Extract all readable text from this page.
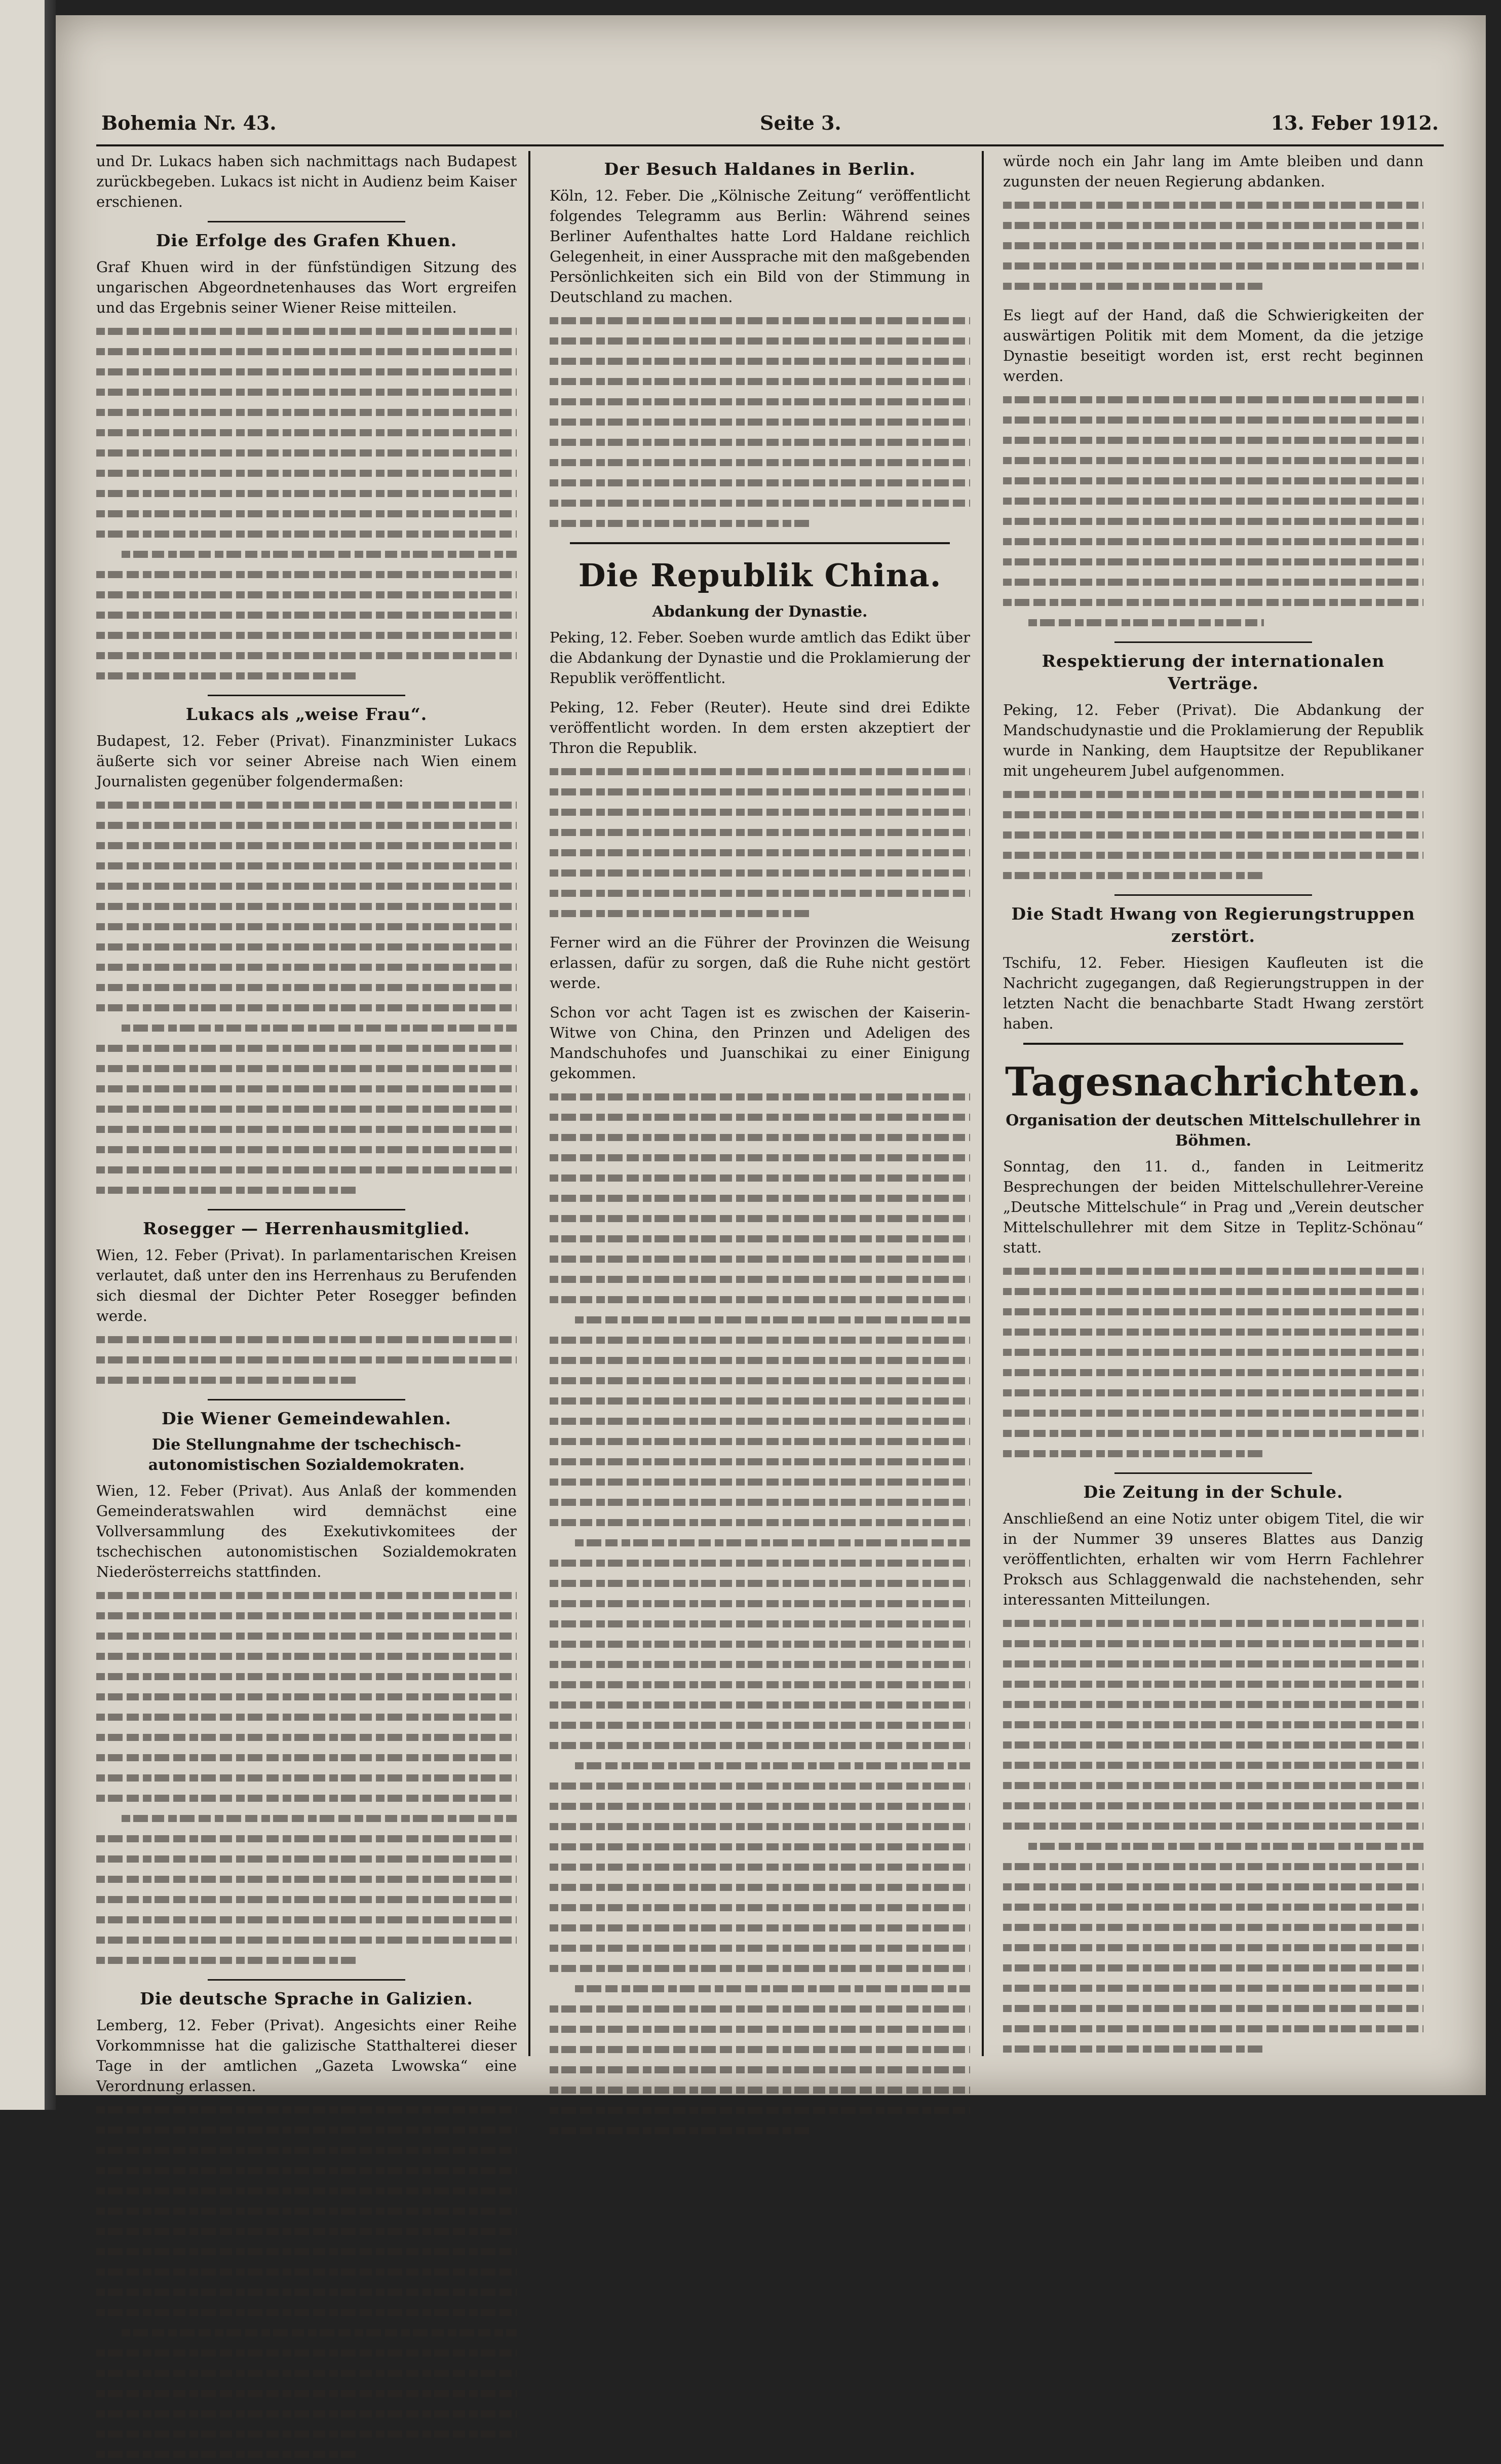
Bohemia Nr. 43.	Seite 3.	13. Feber 1912.

und Dr. Lukacs haben sich nachmittags nach Budapest zurückbegeben. Lukacs ist nicht in Audienz beim Kaiser erschienen.

Die Erfolge des Grafen Khuen.

Graf Khuen wird in der fünfstündigen Sitzung des ungarischen Abgeordnetenhauses das Wort ergreifen und das Ergebnis seiner Wiener Reise mitteilen.

Lukacs als „weise Frau“.

Budapest, 12. Feber (Privat). Finanzminister Lukacs äußerte sich vor seiner Abreise nach Wien einem Journalisten gegenüber folgendermaßen:

Rosegger — Herrenhausmitglied.

Wien, 12. Feber (Privat). In parlamentarischen Kreisen verlautet, daß unter den ins Herrenhaus zu Berufenden sich diesmal der Dichter Peter Rosegger befinden werde.

Die Wiener Gemeindewahlen.
Die Stellungnahme der tschechisch-autonomistischen Sozialdemokraten.

Wien, 12. Feber (Privat). Aus Anlaß der kommenden Gemeinderatswahlen wird demnächst eine Vollversammlung des Exekutivkomitees der tschechischen autonomistischen Sozialdemokraten Niederösterreichs stattfinden.

Die deutsche Sprache in Galizien.

Lemberg, 12. Feber (Privat). Angesichts einer Reihe Vorkommnisse hat die galizische Statthalterei dieser Tage in der amtlichen „Gazeta Lwowska“ eine Verordnung erlassen.

Der Besuch Haldanes in Berlin.

Köln, 12. Feber. Die „Kölnische Zeitung“ veröffentlicht folgendes Telegramm aus Berlin: Während seines Berliner Aufenthaltes hatte Lord Haldane reichlich Gelegenheit, in einer Aussprache mit den maßgebenden Persönlichkeiten sich ein Bild von der Stimmung in Deutschland zu machen.

Die Republik China.
Abdankung der Dynastie.

Peking, 12. Feber. Soeben wurde amtlich das Edikt über die Abdankung der Dynastie und die Proklamierung der Republik veröffentlicht.

Peking, 12. Feber (Reuter). Heute sind drei Edikte veröffentlicht worden. In dem ersten akzeptiert der Thron die Republik.

Ferner wird an die Führer der Provinzen die Weisung erlassen, dafür zu sorgen, daß die Ruhe nicht gestört werde.

Schon vor acht Tagen ist es zwischen der Kaiserin-Witwe von China, den Prinzen und Adeligen des Mandschuhofes und Juanschikai zu einer Einigung gekommen.

würde noch ein Jahr lang im Amte bleiben und dann zugunsten der neuen Regierung abdanken.

Es liegt auf der Hand, daß die Schwierigkeiten der auswärtigen Politik mit dem Moment, da die jetzige Dynastie beseitigt worden ist, erst recht beginnen werden.

Respektierung der internationalen Verträge.

Peking, 12. Feber (Privat). Die Abdankung der Mandschudynastie und die Proklamierung der Republik wurde in Nanking, dem Hauptsitze der Republikaner mit ungeheurem Jubel aufgenommen.

Die Stadt Hwang von Regierungstruppen zerstört.

Tschifu, 12. Feber. Hiesigen Kaufleuten ist die Nachricht zugegangen, daß Regierungstruppen in der letzten Nacht die benachbarte Stadt Hwang zerstört haben.

Tagesnachrichten.
Organisation der deutschen Mittelschullehrer in Böhmen.

Sonntag, den 11. d., fanden in Leitmeritz Besprechungen der beiden Mittelschullehrer-Vereine „Deutsche Mittelschule“ in Prag und „Verein deutscher Mittelschullehrer mit dem Sitze in Teplitz-Schönau“ statt.

Die Zeitung in der Schule.

Anschließend an eine Notiz unter obigem Titel, die wir in der Nummer 39 unseres Blattes aus Danzig veröffentlichten, erhalten wir vom Herrn Fachlehrer Proksch aus Schlaggenwald die nachstehenden, sehr interessanten Mitteilungen.
